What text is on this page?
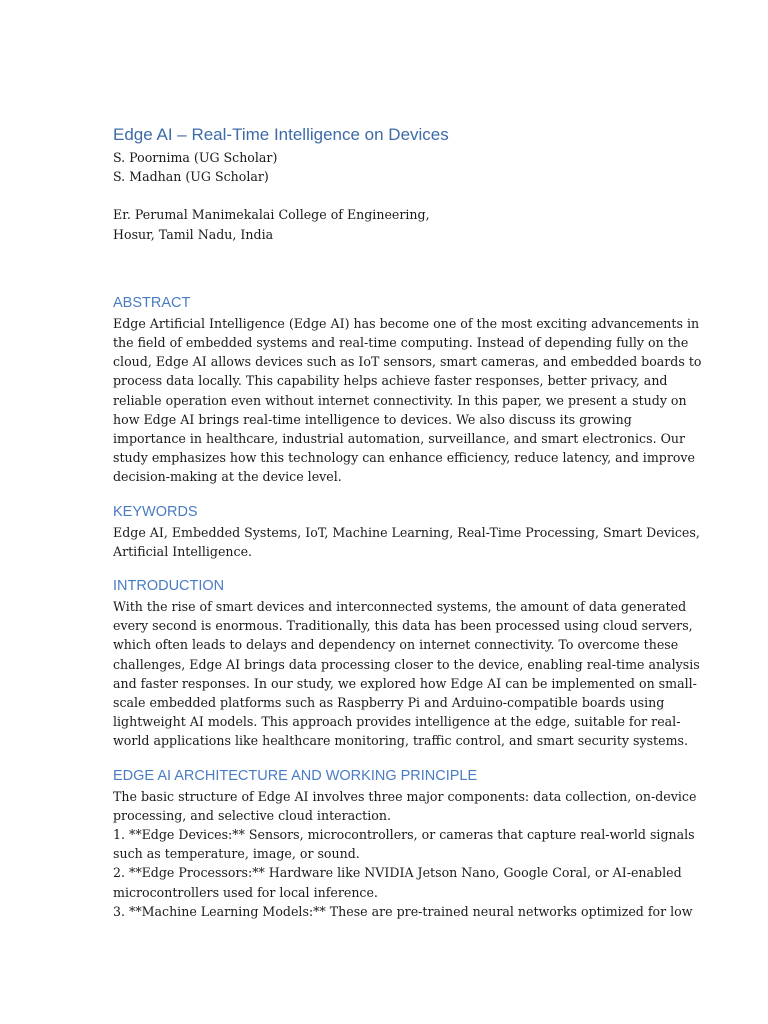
Edge AI – Real-Time Intelligence on Devices
S. Poornima (UG Scholar)
S. Madhan (UG Scholar)
Er. Perumal Manimekalai College of Engineering,
Hosur, Tamil Nadu, India
ABSTRACT
Edge Artificial Intelligence (Edge AI) has become one of the most exciting advancements in
the field of embedded systems and real-time computing. Instead of depending fully on the
cloud, Edge AI allows devices such as IoT sensors, smart cameras, and embedded boards to
process data locally. This capability helps achieve faster responses, better privacy, and
reliable operation even without internet connectivity. In this paper, we present a study on
how Edge AI brings real-time intelligence to devices. We also discuss its growing
importance in healthcare, industrial automation, surveillance, and smart electronics. Our
study emphasizes how this technology can enhance efficiency, reduce latency, and improve
decision-making at the device level.
KEYWORDS
Edge AI, Embedded Systems, IoT, Machine Learning, Real-Time Processing, Smart Devices,
Artificial Intelligence.
INTRODUCTION
With the rise of smart devices and interconnected systems, the amount of data generated
every second is enormous. Traditionally, this data has been processed using cloud servers,
which often leads to delays and dependency on internet connectivity. To overcome these
challenges, Edge AI brings data processing closer to the device, enabling real-time analysis
and faster responses. In our study, we explored how Edge AI can be implemented on small-
scale embedded platforms such as Raspberry Pi and Arduino-compatible boards using
lightweight AI models. This approach provides intelligence at the edge, suitable for real-
world applications like healthcare monitoring, traffic control, and smart security systems.
EDGE AI ARCHITECTURE AND WORKING PRINCIPLE
The basic structure of Edge AI involves three major components: data collection, on-device
processing, and selective cloud interaction.
1. **Edge Devices:** Sensors, microcontrollers, or cameras that capture real-world signals
such as temperature, image, or sound.
2. **Edge Processors:** Hardware like NVIDIA Jetson Nano, Google Coral, or AI-enabled
microcontrollers used for local inference.
3. **Machine Learning Models:** These are pre-trained neural networks optimized for low
